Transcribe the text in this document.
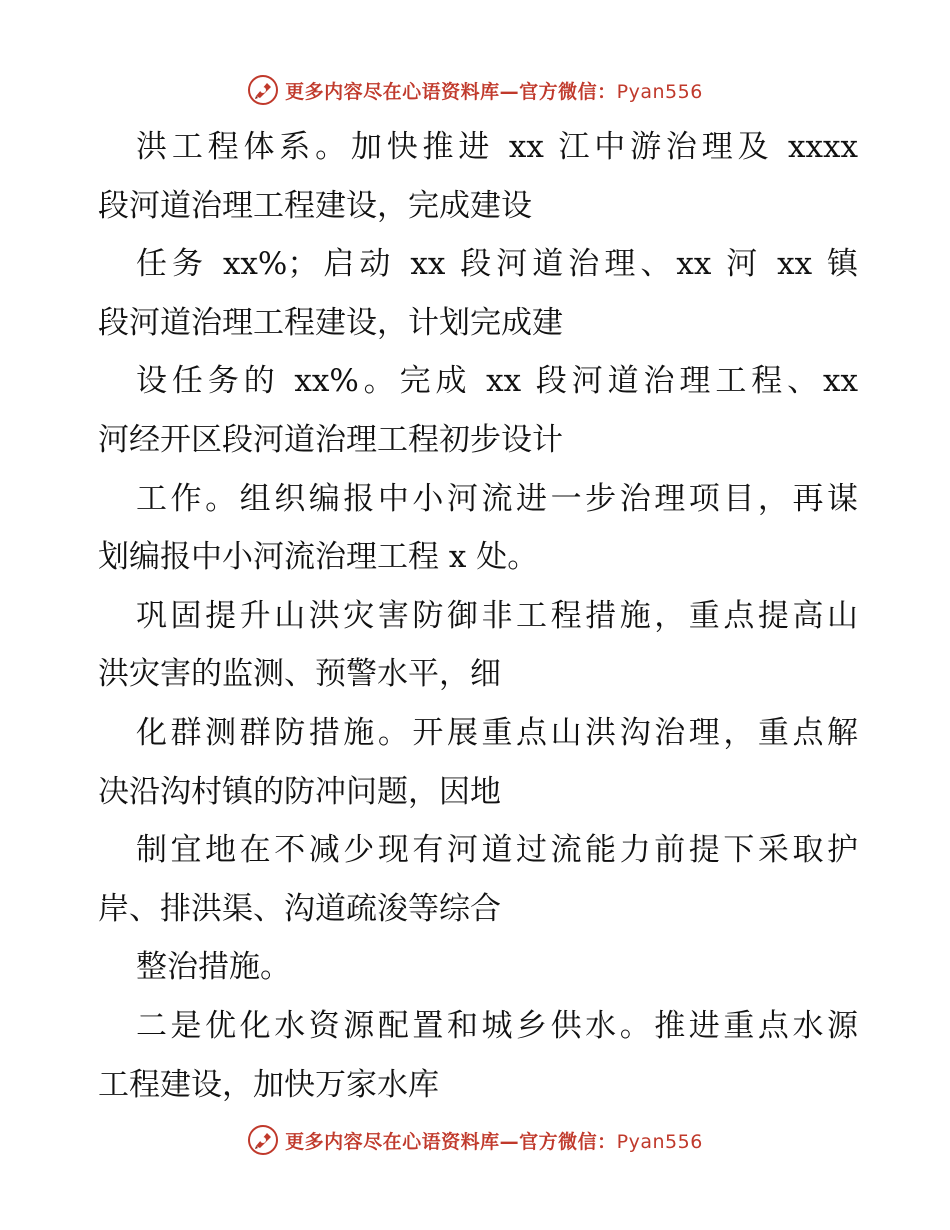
更多内容尽在心语资料库—官方微信：Pyan556
洪工程体系。加快推进 xx 江中游治理及 xxxx
段河道治理工程建设，完成建设
任务 xx%；启动 xx 段河道治理、xx 河 xx 镇
段河道治理工程建设，计划完成建
设任务的 xx%。完成 xx 段河道治理工程、xx
河经开区段河道治理工程初步设计
工作。组织编报中小河流进一步治理项目，再谋
划编报中小河流治理工程 x 处。
巩固提升山洪灾害防御非工程措施，重点提高山
洪灾害的监测、预警水平，细
化群测群防措施。开展重点山洪沟治理，重点解
决沿沟村镇的防冲问题，因地
制宜地在不减少现有河道过流能力前提下采取护
岸、排洪渠、沟道疏浚等综合
整治措施。
二是优化水资源配置和城乡供水。推进重点水源
工程建设，加快万家水库
更多内容尽在心语资料库—官方微信：Pyan556
